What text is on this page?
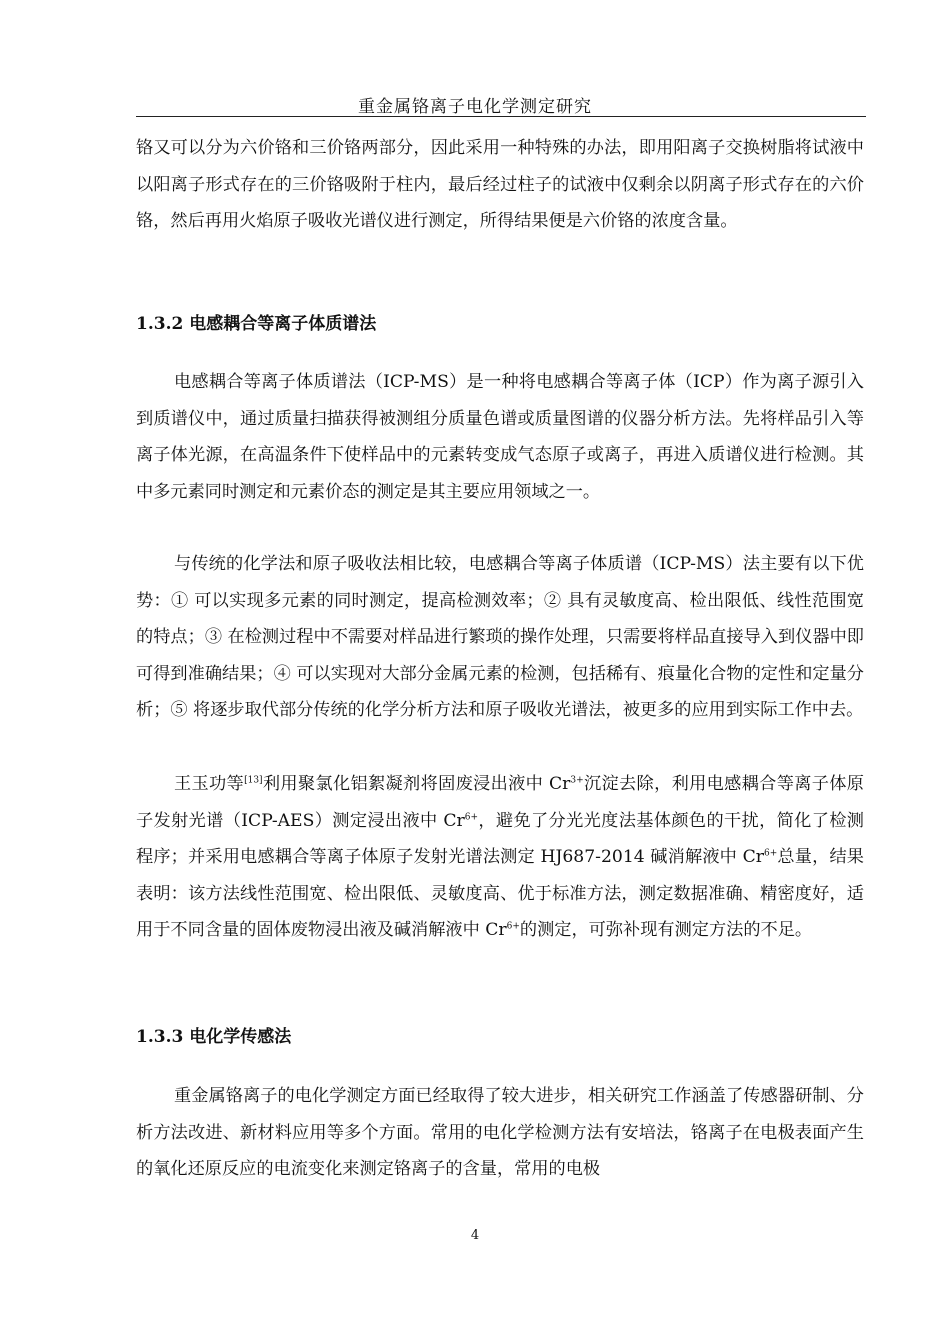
重金属铬离子电化学测定研究

铬又可以分为六价铬和三价铬两部分，因此采用一种特殊的办法，即用阳离子交换树脂将试液中以阳离子形式存在的三价铬吸附于柱内，最后经过柱子的试液中仅剩余以阴离子形式存在的六价铬，然后再用火焰原子吸收光谱仪进行测定，所得结果便是六价铬的浓度含量。

1.3.2 电感耦合等离子体质谱法

电感耦合等离子体质谱法（ICP-MS）是一种将电感耦合等离子体（ICP）作为离子源引入到质谱仪中，通过质量扫描获得被测组分质量色谱或质量图谱的仪器分析方法。先将样品引入等离子体光源，在高温条件下使样品中的元素转变成气态原子或离子，再进入质谱仪进行检测。其中多元素同时测定和元素价态的测定是其主要应用领域之一。

与传统的化学法和原子吸收法相比较，电感耦合等离子体质谱（ICP-MS）法主要有以下优势：① 可以实现多元素的同时测定，提高检测效率；② 具有灵敏度高、检出限低、线性范围宽的特点；③ 在检测过程中不需要对样品进行繁琐的操作处理，只需要将样品直接导入到仪器中即可得到准确结果；④ 可以实现对大部分金属元素的检测，包括稀有、痕量化合物的定性和定量分析；⑤ 将逐步取代部分传统的化学分析方法和原子吸收光谱法，被更多的应用到实际工作中去。

王玉功等[13]利用聚氯化铝絮凝剂将固废浸出液中 $Cr^{3+}$沉淀去除，利用电感耦合等离子体原子发射光谱（ICP-AES）测定浸出液中 $Cr^{6+}$，避免了分光光度法基体颜色的干扰，简化了检测程序；并采用电感耦合等离子体原子发射光谱法测定 HJ687-2014 碱消解液中 $Cr^{6+}$总量，结果表明：该方法线性范围宽、检出限低、灵敏度高、优于标准方法，测定数据准确、精密度好，适用于不同含量的固体废物浸出液及碱消解液中 $Cr^{6+}$的测定，可弥补现有测定方法的不足。

1.3.3 电化学传感法

重金属铬离子的电化学测定方面已经取得了较大进步，相关研究工作涵盖了传感器研制、分析方法改进、新材料应用等多个方面。常用的电化学检测方法有安培法，铬离子在电极表面产生的氧化还原反应的电流变化来测定铬离子的含量，常用的电极

4
